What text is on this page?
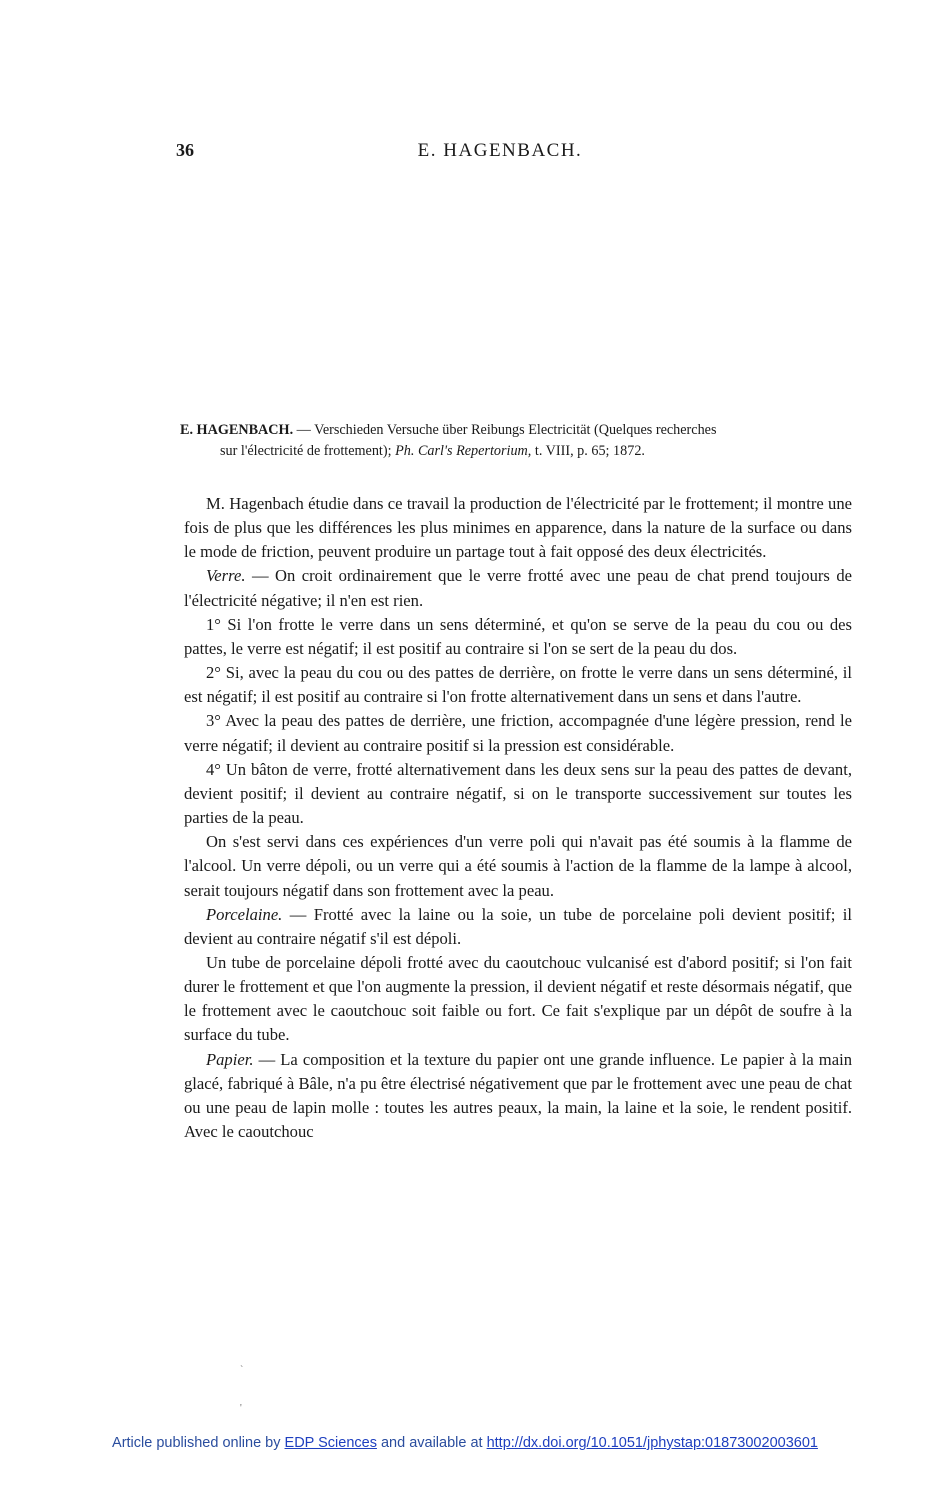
36	E. HAGENBACH.
E. HAGENBACH. — Verschieden Versuche über Reibungs Electricität (Quelques recherches
sur l'électricité de frottement); Ph. Carl's Repertorium, t. VIII, p. 65; 1872.

M. Hagenbach étudie dans ce travail la production de l'électricité par le frottement; il montre une fois de plus que les différences les plus minimes en apparence, dans la nature de la surface ou dans le mode de friction, peuvent produire un partage tout à fait opposé des deux électricités.

Verre. — On croit ordinairement que le verre frotté avec une peau de chat prend toujours de l'électricité négative; il n'en est rien.

1° Si l'on frotte le verre dans un sens déterminé, et qu'on se serve de la peau du cou ou des pattes, le verre est négatif; il est positif au contraire si l'on se sert de la peau du dos.

2° Si, avec la peau du cou ou des pattes de derrière, on frotte le verre dans un sens déterminé, il est négatif; il est positif au contraire si l'on frotte alternativement dans un sens et dans l'autre.

3° Avec la peau des pattes de derrière, une friction, accompagnée d'une légère pression, rend le verre négatif; il devient au contraire positif si la pression est considérable.

4° Un bâton de verre, frotté alternativement dans les deux sens sur la peau des pattes de devant, devient positif; il devient au contraire négatif, si on le transporte successivement sur toutes les parties de la peau.

On s'est servi dans ces expériences d'un verre poli qui n'avait pas été soumis à la flamme de l'alcool. Un verre dépoli, ou un verre qui a été soumis à l'action de la flamme de la lampe à alcool, serait toujours négatif dans son frottement avec la peau.

Porcelaine. — Frotté avec la laine ou la soie, un tube de porcelaine poli devient positif; il devient au contraire négatif s'il est dépoli.

Un tube de porcelaine dépoli frotté avec du caoutchouc vulcanisé est d'abord positif; si l'on fait durer le frottement et que l'on augmente la pression, il devient négatif et reste désormais négatif, que le frottement avec le caoutchouc soit faible ou fort. Ce fait s'explique par un dépôt de soufre à la surface du tube.

Papier. — La composition et la texture du papier ont une grande influence. Le papier à la main glacé, fabriqué à Bâle, n'a pu être électrisé négativement que par le frottement avec une peau de chat ou une peau de lapin molle : toutes les autres peaux, la main, la laine et la soie, le rendent positif. Avec le caoutchouc

`
'
Article published online by EDP Sciences and available at http://dx.doi.org/10.1051/jphystap:01873002003601
